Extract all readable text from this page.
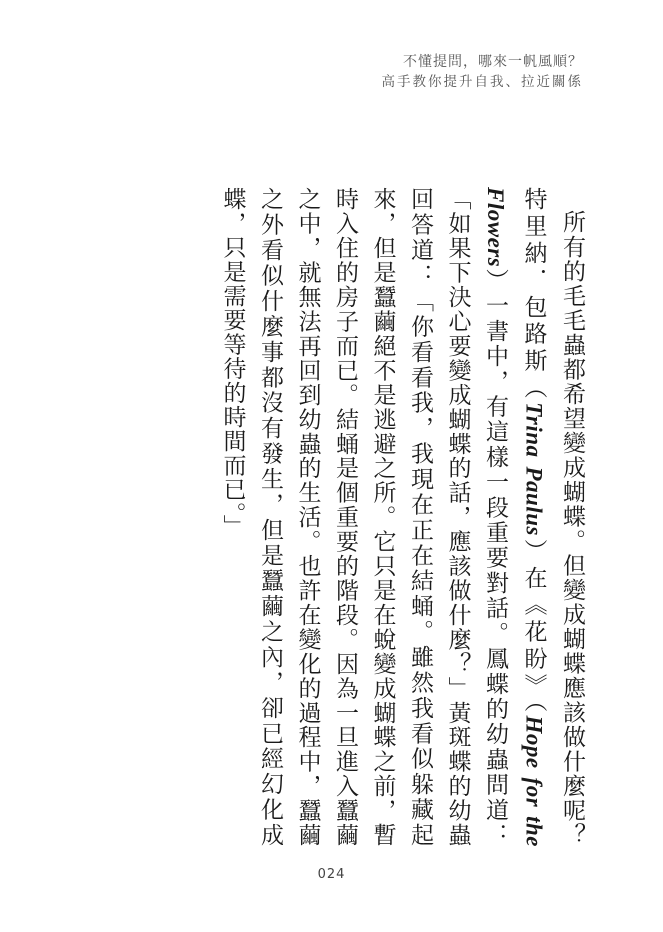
不懂提問，哪來一帆風順？
高手教你提升自我、拉近關係

所有的毛毛蟲都希望變成蝴蝶。但變成蝴蝶應該做什麼呢？特里納．包路斯（Trina Paulus）在《花盼》（Hope for the Flowers）一書中，有這樣一段重要對話。鳳蝶的幼蟲問道：「如果下決心要變成蝴蝶的話，應該做什麼？」黃斑蝶的幼蟲回答道：「你看看我，我現在正在結蛹。雖然我看似躲藏起來，但是蠶繭絕不是逃避之所。它只是在蛻變成蝴蝶之前，暫時入住的房子而已。結蛹是個重要的階段。因為一旦進入蠶繭之中，就無法再回到幼蟲的生活。也許在變化的過程中，蠶繭之外看似什麼事都沒有發生，但是蠶繭之內，卻已經幻化成蝶，只是需要等待的時間而已。」

024
